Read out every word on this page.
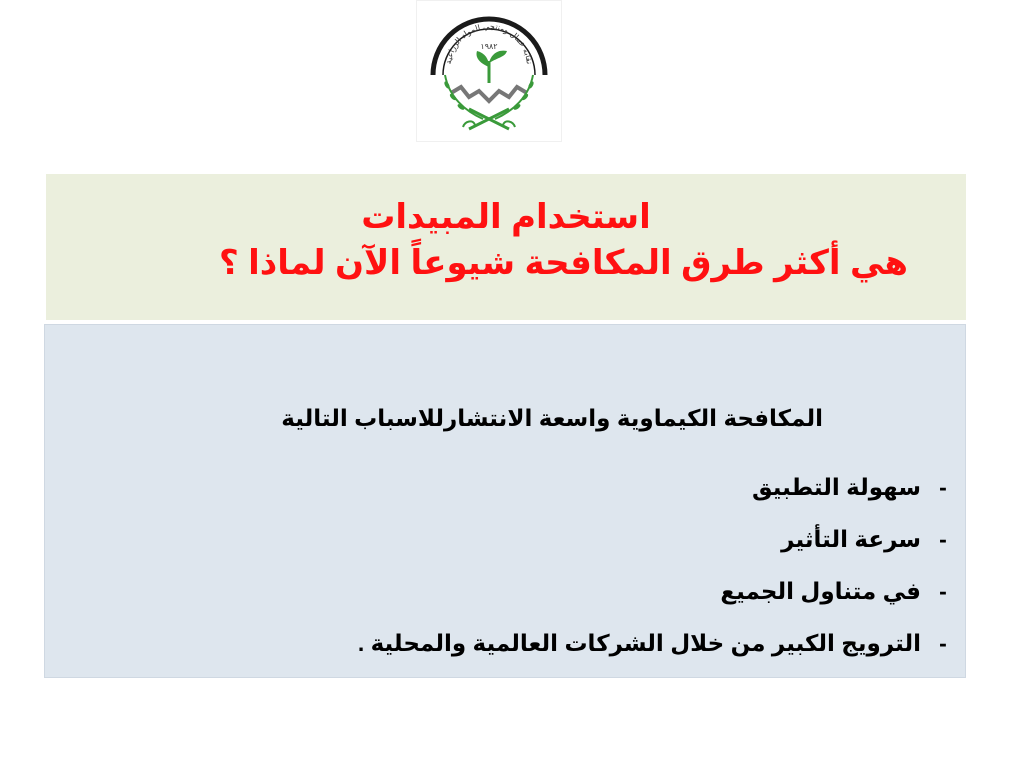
نقابة عمال ومنتجي المواد الزراعية
١٩٨٢
استخدام المبيدات
هي أكثر طرق المكافحة شيوعاً الآن لماذا ؟
المكافحة الكيماوية واسعة الانتشارللاسباب التالية
-سهولة التطبيق
-سرعة التأثير
-في متناول الجميع
-الترويج الكبير من خلال الشركات العالمية والمحلية .
